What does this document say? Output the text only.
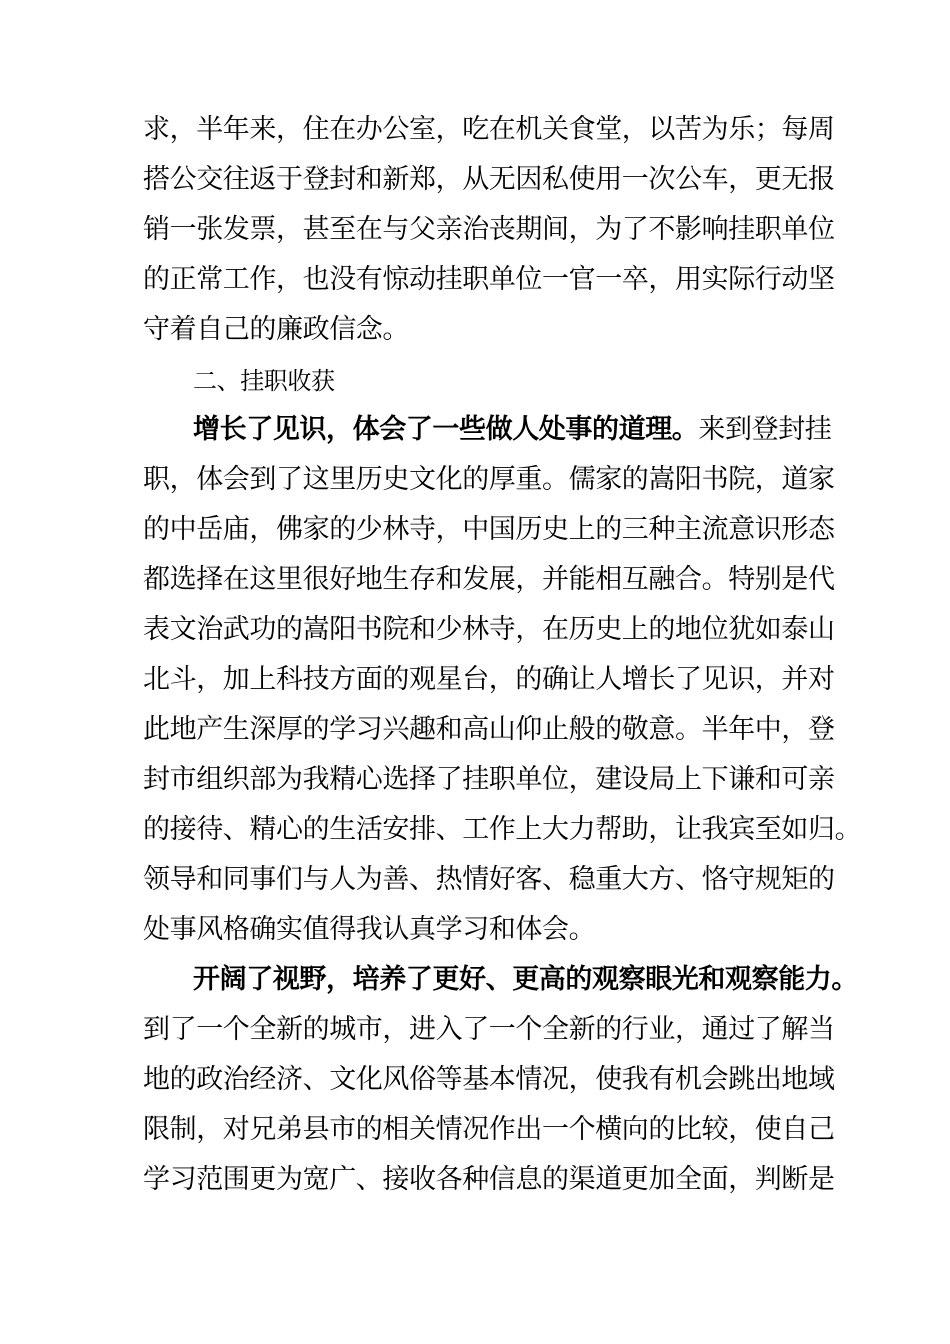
求，半年来，住在办公室，吃在机关食堂，以苦为乐；每周
搭公交往返于登封和新郑，从无因私使用一次公车，更无报
销一张发票，甚至在与父亲治丧期间，为了不影响挂职单位
的正常工作，也没有惊动挂职单位一官一卒，用实际行动坚
守着自己的廉政信念。
二、挂职收获
增长了见识，体会了一些做人处事的道理。来到登封挂
职，体会到了这里历史文化的厚重。儒家的嵩阳书院，道家
的中岳庙，佛家的少林寺，中国历史上的三种主流意识形态
都选择在这里很好地生存和发展，并能相互融合。特别是代
表文治武功的嵩阳书院和少林寺，在历史上的地位犹如泰山
北斗，加上科技方面的观星台，的确让人增长了见识，并对
此地产生深厚的学习兴趣和高山仰止般的敬意。半年中，登
封市组织部为我精心选择了挂职单位，建设局上下谦和可亲
的接待、精心的生活安排、工作上大力帮助，让我宾至如归。
领导和同事们与人为善、热情好客、稳重大方、恪守规矩的
处事风格确实值得我认真学习和体会。
开阔了视野，培养了更好、更高的观察眼光和观察能力。
到了一个全新的城市，进入了一个全新的行业，通过了解当
地的政治经济、文化风俗等基本情况，使我有机会跳出地域
限制，对兄弟县市的相关情况作出一个横向的比较，使自己
学习范围更为宽广、接收各种信息的渠道更加全面，判断是
